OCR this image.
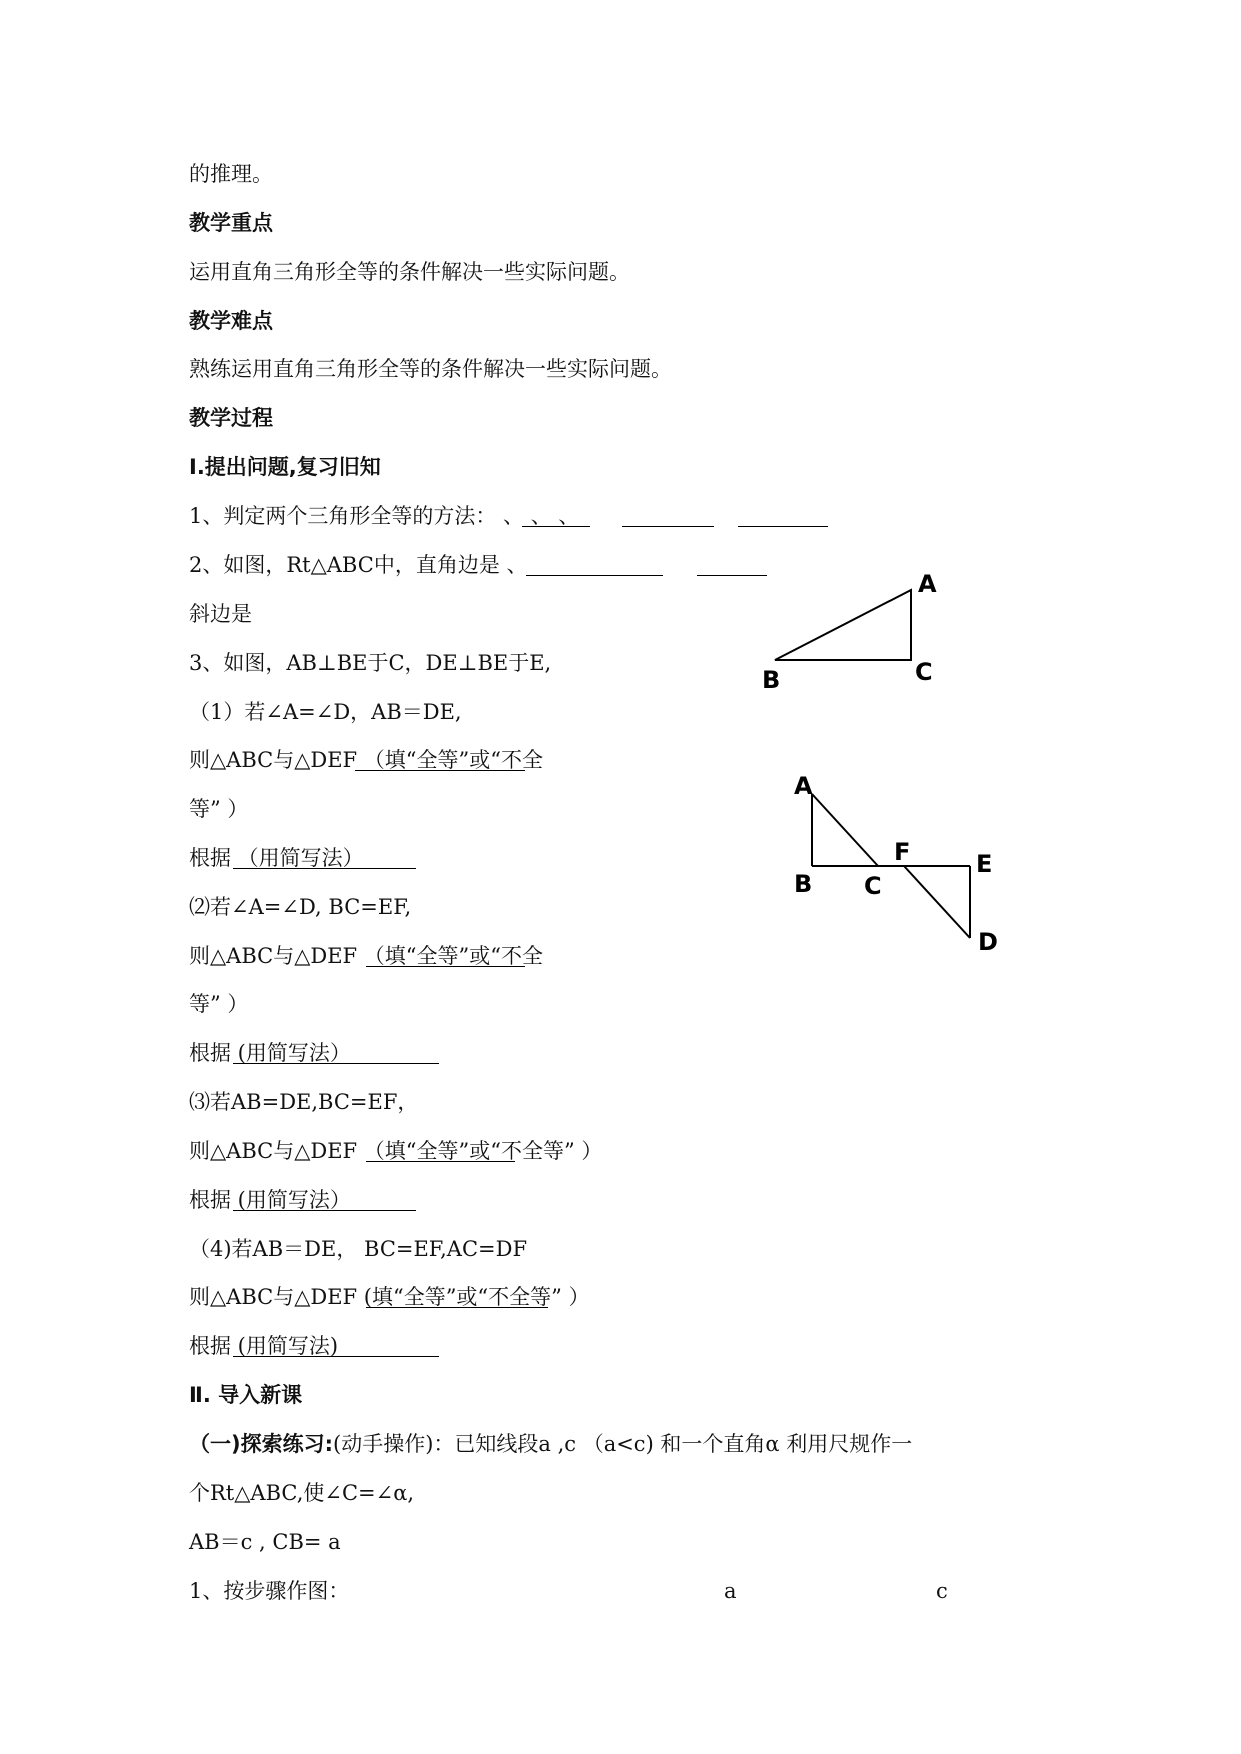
的推理。
教学重点
运用直角三角形全等的条件解决一些实际问题。
教学难点
熟练运用直角三角形全等的条件解决一些实际问题。
教学过程
Ⅰ.提出问题,复习旧知
1、判定两个三角形全等的方法： 、 、 、
2、如图，Rt△ABC中，直角边是 、
斜边是
3、如图，AB⊥BE于C，DE⊥BE于E,
（1）若∠A=∠D，AB＝DE,
则△ABC与△DEF （填“全等”或“不全
等” ）
根据 （用简写法）
⑵若∠A=∠D, BC=EF,
则△ABC与△DEF （填“全等”或“不全
等” ）
根据 (用简写法）
⑶若AB=DE,BC=EF，
则△ABC与△DEF （填“全等”或“不全等” ）
根据 (用简写法）
（4)若AB＝DE， BC=EF,AC=DF
则△ABC与△DEF (填“全等”或“不全等” ）
根据 (用简写法)
Ⅱ. 导入新课
（一)探索练习:(动手操作)：已知线段a ,c （a<c) 和一个直角α 利用尺规作一
个Rt△ABC,使∠C=∠α,
AB＝c , CB= a
1、按步骤作图：	a	c
A
B	C
A
B C
F	E
D
